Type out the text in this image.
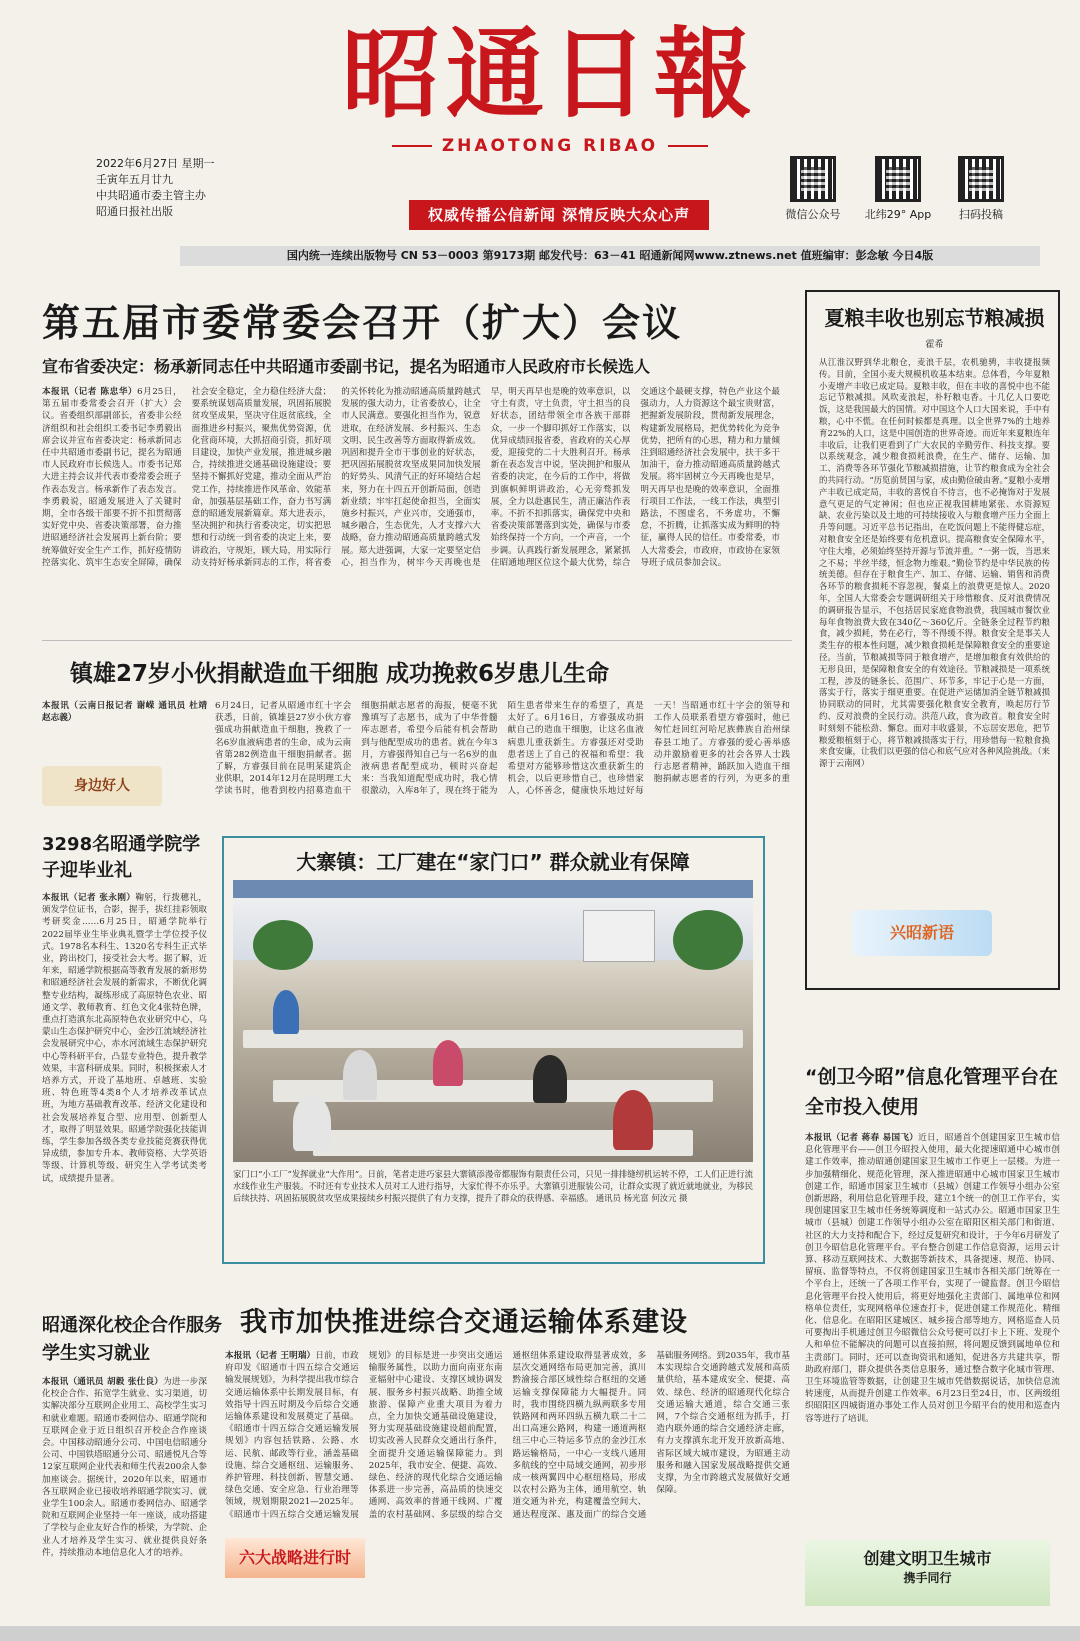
昭通日報
ZHAOTONG RIBAO
权威传播公信新闻 深情反映大众心声
2022年6月27日 星期一
壬寅年五月廿九
中共昭通市委主管主办
昭通日报社出版	微信公众号	北纬29° App	扫码投稿
国内统一连续出版物号 CN 53－0003 第9173期 邮发代号：63－41 昭通新闻网www.ztnews.net 值班编审：彭念敏 今日4版
第五届市委常委会召开（扩大）会议
宣布省委决定：杨承新同志任中共昭通市委副书记，提名为昭通市人民政府市长候选人
本报讯（记者 陈忠华）6月25日，第五届市委常委会召开（扩大）会议。省委组织部副部长，省委非公经济组织和社会组织工委书记李勇毅出席会议并宣布省委决定：杨承新同志任中共昭通市委副书记，提名为昭通市人民政府市长候选人。市委书记郑大进主持会议并代表市委常委会班子作表态发言。杨承新作了表态发言。李勇毅说，昭通发展进入了关键时期，全市各级干部要不折不扣贯彻落实好党中央、省委决策部署，奋力推进昭通经济社会发展再上新台阶；要统筹做好安全生产工作，抓好疫情防控落实化、筑牢生态安全屏障，确保社会安全稳定，全力稳住经济大盘；要系统谋划高质量发展，巩固拓展脱贫攻坚成果，坚决守住返贫底线，全面推进乡村振兴，聚焦优势资源，优化营商环境，大抓招商引资，抓好项目建设，加快产业发展，推进城乡融合，持续推进交通基础设施建设；要坚持不懈抓好党建，推动全面从严治党工作，持续推进作风革命、效能革命，加强基层基础工作，奋力书写满意的昭通发展新篇章。郑大进表示，坚决拥护和执行省委决定，切实把思想和行动统一到省委的决定上来，要讲政治，守规矩，顾大局，用实际行动支持好杨承新同志的工作，将省委的关怀转化为推动昭通高质量跨越式发展的强大动力，让省委放心，让全市人民满意。要强化担当作为，锐意进取，在经济发展、乡村振兴、生态文明、民生改善等方面取得新成效。巩固和提升全市干事创业的好状态，把巩固拓展脱贫攻坚成果同加快发展的好势头、风清气正的好环境结合起来，努力在十四五开创新局面，创造新业绩；牢牢扛起使命担当，全面实施乡村振兴，产业兴市，交通强市，城乡融合，生态优先，人才支撑六大战略，奋力推动昭通高质量跨越式发展。郑大进强调，大家一定要坚定信心，担当作为，树牢今天再晚也是早，明天再早也是晚的效率意识，以守土有责，守土负责，守土担当的良好状态，团结带领全市各族干部群众，一步一个脚印抓好工作落实，以优异成绩回报省委，省政府的关心厚爱，迎接党的二十大胜利召开。杨承新在表态发言中说，坚决拥护和服从省委的决定，在今后的工作中，将做到旗帜鲜明讲政治，心无旁骛抓发展，全力以赴惠民生，清正廉洁作表率。不折不扣抓落实，确保党中央和省委决策部署落到实处，确保与市委始终保持一个方向，一个声音，一个步调。认真践行新发展理念，紧紧抓住昭通地理区位这个最大优势，综合交通这个最硬支撑，特色产业这个最强动力，人力资源这个最宝贵财富，把握新发展阶段，贯彻新发展理念，构建新发展格局，把优势转化为竞争优势，把所有的心思，精力和力量倾注到昭通经济社会发展中，扶干多干加油干，奋力推动昭通高质量跨越式发展。将牢固树立今天再晚也是早，明天再早也是晚的效率意识，全面推行项目工作法，一线工作法，典型引路法，不图虚名，不务虚功，不懈怠，不折腾，让抓落实成为鲜明的特征，赢得人民的信任。市委常委，市人大常委会，市政府，市政协在家领导班子成员参加会议。
镇雄27岁小伙捐献造血干细胞 成功挽救6岁患儿生命
本报讯（云南日报记者 谢嵘 通讯员 杜靖 赵志義）
身边好人
6月24日，记者从昭通市红十字会获悉，日前，镇雄县27岁小伙方睿强成功捐献造血干细胞，挽救了一名6岁血液病患者的生命，成为云南省第282例造血干细胞捐献者。据了解，方睿强目前在昆明某建筑企业供职，2014年12月在昆明理工大学读书时，他看到校内招募造血干细胞捐献志愿者的海报，便毫不犹豫填写了志愿书，成为了中华骨髓库志愿者，希望今后能有机会帮助到与他配型成功的患者。就在今年3月，方睿强得知自己与一名6岁的血液病患者配型成功，顿时兴奋起来：当我知道配型成功时，我心情很激动，入库8年了，现在终于能为陌生患者带来生存的希望了，真是太好了。6月16日，方睿强成功捐献自己的造血干细胞，让这名血液病患儿重获新生。方睿强还对受助患者送上了自己的祝福和希望：我希望对方能够珍惜这次重获新生的机会，以后更珍惜自己，也珍惜家人，心怀善念，健康快乐地过好每一天！当昭通市红十字会的领导和工作人员联系看望方睿强时，他已匆忙赶回红河哈尼族彝族自治州绿春县工地了。方睿强的爱心善举感动并激励着更多的社会各界人士践行志愿者精神，踊跃加入造血干细胞捐献志愿者的行列，为更多的重
3298名昭通学院学子迎毕业礼
本报讯（记者 张永刚）鞠躬，行拨穗礼，颁发学位证书，合影，握手，拔红挂彩领取考研奖金……6月25日，昭通学院举行2022届毕业生毕业典礼暨学士学位授予仪式。1978名本科生、1320名专科生正式毕业，跨出校门，接受社会大考。据了解，近年来，昭通学院根据高等教育发展的新形势和昭通经济社会发展的新需求，不断优化调整专业结构，凝练形成了高原特色农业、昭通文学、教师教育、红色文化4张特色牌，重点打造滇东北高原特色农业研究中心，乌蒙山生态保护研究中心，金沙江流域经济社会发展研究中心，赤水河流域生态保护研究中心等科研平台，凸显专业特色，提升教学效果，丰富科研成果。同时，积极探索人才培养方式，开设了基地班、卓越班、实验班、特色班等4类8个人才培养改革试点班，为地方基础教育改革、经济文化建设和社会发展培养复合型、应用型、创新型人才，取得了明显效果。昭通学院强化技能训练，学生参加各级各类专业技能竞赛获得优异成绩，参加专升本、教师资格、大学英语等级、计算机等级、研究生入学考试类考试，成绩提升显著。
大寨镇：工厂建在“家门口” 群众就业有保障
家门口“小工厂”发挥就业“大作用”。日前，笔者走进巧家县大寨镇添漫帝都服饰有限责任公司，只见一排排缝纫机运转不停，工人们正进行流水线作业生产服装。不时还有专业技术人员对工人进行指导，大家忙得不亦乐乎。大寨镇引进服装公司，让群众实现了就近就地就业，为移民后续扶持、巩固拓展脱贫攻坚成果接续乡村振兴提供了有力支撑，提升了群众的获得感、幸福感。 通讯员 杨光富 何汝元 摄
夏粮丰收也别忘节粮减损
霍希
从江淮汉野到华北粮仓，麦浪千层，农机驰骋，丰收捷报频传。目前，全国小麦大规模机收基本结束。总体看，今年夏粮小麦增产丰收已成定局。夏粮丰收，但在丰收的喜悦中也不能忘记节粮减损。风吹麦浪起，朴籽粮屯香。十几亿人口要吃饭，这是我国最大的国情。对中国这个人口大国来说，手中有粮，心中不慌。在任何时候都是真理。以全世界7%的土地养育22%的人口，这是中国创造的世界奇迹。而近年来夏粮连年丰收后，让我们更看到了广大农民的辛勤劳作、科技支撑。要以系统观念，减少粮食损耗浪费，在生产、储存、运输、加工、消费等各环节强化节粮减损措施，让节约粮食成为全社会的共同行动。“历览前贤国与家，成由勤俭破由奢。”夏粮小麦增产丰收已成定局，丰收的喜悦自不待言，也不必掩饰对于发展意气更足的气定神闲；但也应正视我国耕地紧张、水资源短缺、农业污染以及土地的可持续接收入与粮食增产压力全面上升等问题。习近平总书记指出，在吃饭问题上不能得健忘症，对粮食安全还是始终要有危机意识。提高粮食安全保障水平，守住大堆，必须始终坚持开源与节流并重。“一粥一饭，当思来之不易；半丝半缕，恒念物力维艰。”勤俭节约是中华民族的传统美德。但存在于粮食生产、加工、存储、运输、销售和消费各环节的粮食损耗不容忽视，餐桌上的浪费更是惊人。2020年，全国人大常委会专题调研组关于珍惜粮食、反对浪费情况的调研报告显示，不包括居民家庭食物浪费，我国城市餐饮业每年食物浪费大致在340亿～360亿斤。全链条全过程节约粮食，减少损耗，势在必行，等不得缓不得。粮食安全是事关人类生存的根本性问题，减少粮食损耗是保障粮食安全的重要途径。当前，节粮减损等同于粮食增产，是增加粮食有效供给的无形良田，是保障粮食安全的有效途径。节粮减损是一项系统工程，涉及的链条长、范围广、环节多，牢记于心是一方面，落实于行，落实于细更重要。在促进产运储加消全链节粮减损协同联动的同时，尤其需要强化粮食安全教育，唤起厉行节约、反对浪费的全民行动。洪范八政，食为政首。粮食安全时时刻刻不能松劲、懈怠。面对丰收盛景，不忘居安思危，把节粮爱粮植刻于心，将节粮减损落实于行，用珍惜每一粒粮食换来食安廉，让我们以更强的信心和底气应对各种风险挑战。（来源于云南网）
兴昭新语
“创卫今昭”信息化管理平台在全市投入使用
本报讯（记者 蒋春 易国飞）近日，昭通首个创建国家卫生城市信息化管理平台——创卫今昭投入使用，最大化提速昭通中心城市创建工作效率，推动昭通创建国家卫生城市工作更上一层楼。为进一步加强精细化、规范化管理，深入推进昭通中心城市国家卫生城市创建工作，昭通市国家卫生城市（县城）创建工作领导小组办公室创新思路，利用信息化管理手段，建立1个统一的创卫工作平台，实现创建国家卫生城市任务统筹调度和一站式办公。昭通市国家卫生城市（县城）创建工作领导小组办公室在昭阳区相关部门和街道、社区的大力支持和配合下，经过反复研究和设计，于今年6月研发了创卫今昭信息化管理平台。平台整合创建工作信息资源，运用云计算、移动互联网技术、大数据等新技术，具备提速、规范、协同、留痕、监督等特点，不仅将创建国家卫生城市各相关部门统筹在一个平台上，还统一了各项工作平台，实现了一键监督。创卫今昭信息化管理平台投入使用后，将更好地强化主责部门、属地单位和网格单位责任，实现网格单位速查打卡，促进创建工作规范化、精细化、信息化。在昭阳区建城区、城乡接合部等地方，网格巡查人员可要掏出手机通过创卫今昭微信公众号便可以打卡上下班、发现个人和单位不能解决的问题可以直接拍照，将问题反馈到属地单位和主责部门。同时，还可以查询资讯和通知，促进各方共建共享，帮助政府部门，群众提供各类信息服务，通过整合数字化城市管理、卫生环境监管等数据，让创建卫生城市凭借数据说话，加快信息流转速度，从而提升创建工作效率。6月23日至24日，市、区两级组织昭阳区四城街道办事处工作人员对创卫今昭平台的使用和巡查内容等进行了培训。
创建文明卫生城市
携手同行
昭通深化校企合作服务学生实习就业
本报讯（通讯员 胡毅 张仕良）为进一步深化校企合作、拓宽学生就业、实习渠道，切实解决部分互联网企业用工、高校学生实习和就业难题。昭通市委网信办、昭通学院和互联网企业于近日组织召开校企合作座谈会。中国移动昭通分公司、中国电信昭通分公司、中国铁塔昭通分公司、昭通悦凡合等12家互联网企业代表和师生代表200余人参加座谈会。据统计，2020年以来，昭通市各互联网企业已接收培养昭通学院实习、就业学生100余人。昭通市委网信办、昭通学院和互联网企业坚持一年一座谈，成功搭建了学校与企业友好合作的桥梁，为学院、企业人才培养及学生实习、就业提供良好条件，持续推动本地信息化人才的培养。
我市加快推进综合交通运输体系建设
本报讯（记者 王明瑞）日前，市政府印发《昭通市十四五综合交通运输发展规划》，为科学提出我市综合交通运输体系中长期发展目标，有效指导十四五时期及今后综合交通运输体系建设和发展奠定了基础。《昭通市十四五综合交通运输发展规划》内容包括铁路、公路、水运、民航、邮政等行业，涵盖基础设施、综合交通枢纽、运输服务、养护管理、科技创新、智慧交通、绿色交通、安全应急、行业治理等领域，规划期限2021—2025年。《昭通市十四五综合交通运输发展规划》的目标是进一步突出交通运输服务属性，以助力面向南亚东南亚辐射中心建设、支撑区域协调发展、服务乡村振兴战略、助推全域旅游、保障产业重大项目为着力点，全力加快交通基础设施建设，努力实现基础设施建设超前配置，切实改善人民群众交通出行条件，全面提升交通运输保障能力。到2025年，我市安全、便捷、高效、绿色、经济的现代化综合交通运输体系进一步完善，高品质的快速交通网、高效率的普通干线网、广覆盖的农村基础网、多层级的综合交通枢纽体系建设取得显著成效，多层次交通网络布局更加完善，滇川黔渝接合部区域性综合枢纽的交通运输支撑保障能力大幅提升。同时，我市围绕四横九纵两联多专用铁路网和两环四纵五横九联二十二出口高速公路网，构建一通道两枢纽三中心三特运多节点的金沙江水路运输格局，一中心一支线八通用多航线的空中局域交通网，初步形成一核两翼四中心枢纽格局，形成以农村公路为主体，通用航空、轨道交通为补充，构建覆盖空间大、通达程度深、惠及面广的综合交通基础服务网络。到2035年，我市基本实现综合交通跨越式发展和高质量供给，基本建成安全、便捷、高效、绿色、经济的昭通现代化综合交通运输大通道，综合交通三张网，7个综合交通枢纽为抓手，打造内联外通的综合交通经济走廊，有力支撑滇东北开发开放新高地、省际区域大城市建设，为昭通主动服务和融入国家发展战略提供交通支撑，为全市跨越式发展做好交通保障。
六大战略进行时
